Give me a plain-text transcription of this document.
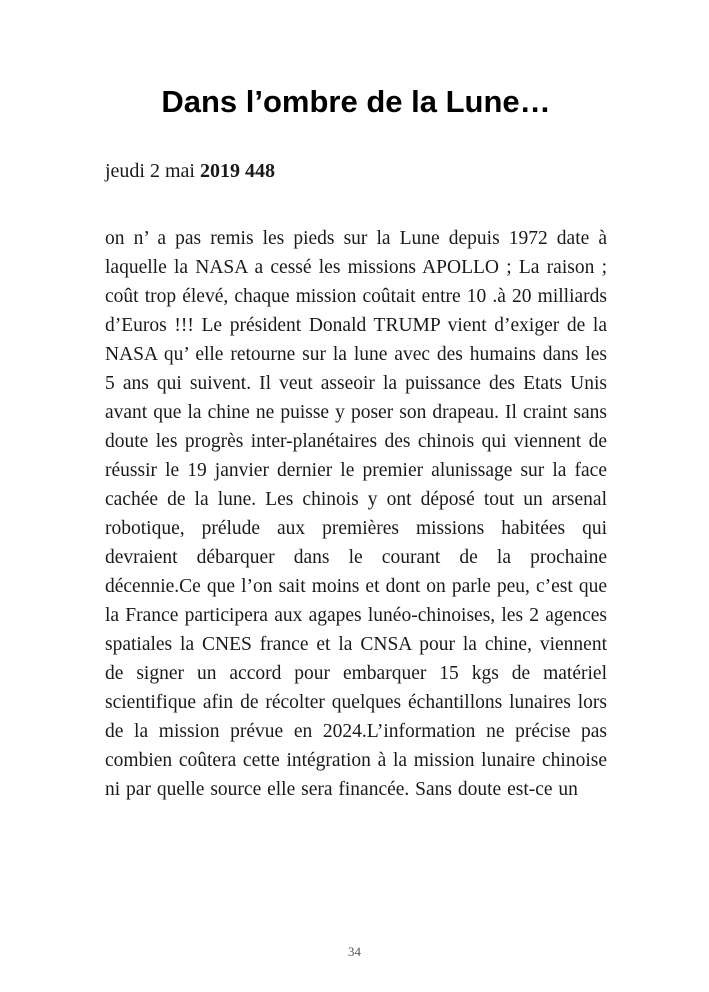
Dans l’ombre de la Lune…

jeudi 2 mai 2019 448

on n’ a pas remis les pieds sur la Lune depuis 1972 date à laquelle la NASA a cessé les missions APOLLO ; La raison ; coût trop élevé, chaque mission coûtait entre 10 .à 20 milliards d’Euros !!! Le président Donald TRUMP vient d’exiger de la NASA qu’ elle retourne sur la lune avec des humains dans les 5 ans qui suivent. Il veut asseoir la puissance des Etats Unis avant que la chine ne puisse y poser son drapeau. Il craint sans doute les progrès inter-planétaires des chinois qui viennent de réussir le 19 janvier dernier le premier alunissage sur la face cachée de la lune. Les chinois y ont déposé tout un arsenal robotique, prélude aux premières missions habitées qui devraient débarquer dans le courant de la prochaine décennie.Ce que l’on sait moins et dont on parle peu, c’est que la France participera aux agapes lunéo-chinoises, les 2 agences spatiales la CNES france et la CNSA pour la chine, viennent de signer un accord pour embarquer 15 kgs de matériel scientifique afin de récolter quelques échantillons lunaires lors de la mission prévue en 2024.L’information ne précise pas combien coûtera cette intégration à la mission lunaire chinoise ni par quelle source elle sera financée. Sans doute est-ce un

34
